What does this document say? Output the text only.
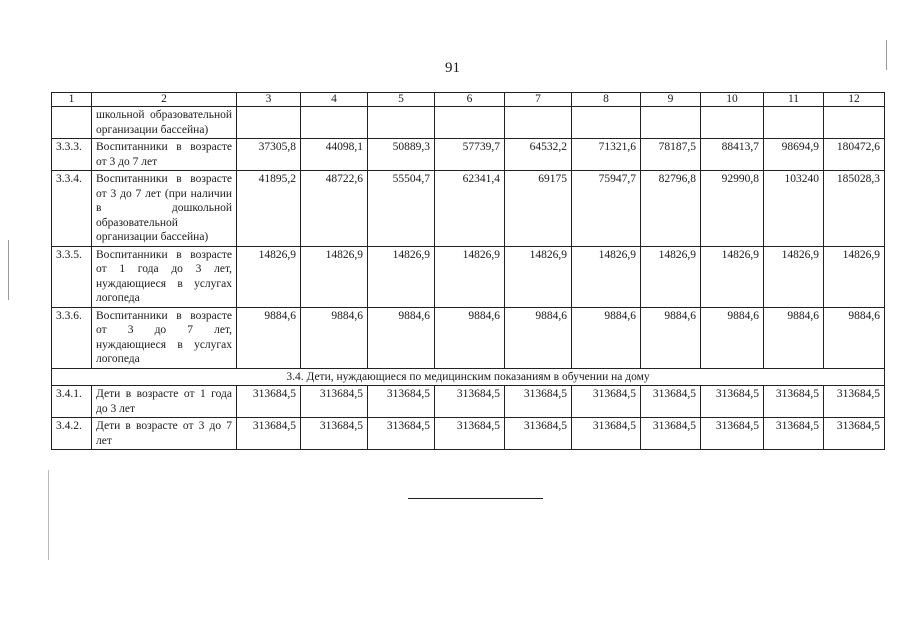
91
1	2	3	4	5	6	7	8	9	10	11	12
	школьной образовательной организации бассейна)										
3.3.3.	Воспитанники в возрасте от 3 до 7 лет	37305,8	44098,1	50889,3	57739,7	64532,2	71321,6	78187,5	88413,7	98694,9	180472,6
3.3.4.	Воспитанники в возрасте от 3 до 7 лет (при наличии в дошкольной образовательной организации бассейна)	41895,2	48722,6	55504,7	62341,4	69175	75947,7	82796,8	92990,8	103240	185028,3
3.3.5.	Воспитанники в возрасте от 1 года до 3 лет, нуждающиеся в услугах логопеда	14826,9	14826,9	14826,9	14826,9	14826,9	14826,9	14826,9	14826,9	14826,9	14826,9
3.3.6.	Воспитанники в возрасте от 3 до 7 лет, нуждающиеся в услугах логопеда	9884,6	9884,6	9884,6	9884,6	9884,6	9884,6	9884,6	9884,6	9884,6	9884,6
3.4. Дети, нуждающиеся по медицинским показаниям в обучении на дому											
3.4.1.	Дети в возрасте от 1 года до 3 лет	313684,5	313684,5	313684,5	313684,5	313684,5	313684,5	313684,5	313684,5	313684,5	313684,5
3.4.2.	Дети в возрасте от 3 до 7 лет	313684,5	313684,5	313684,5	313684,5	313684,5	313684,5	313684,5	313684,5	313684,5	313684,5
